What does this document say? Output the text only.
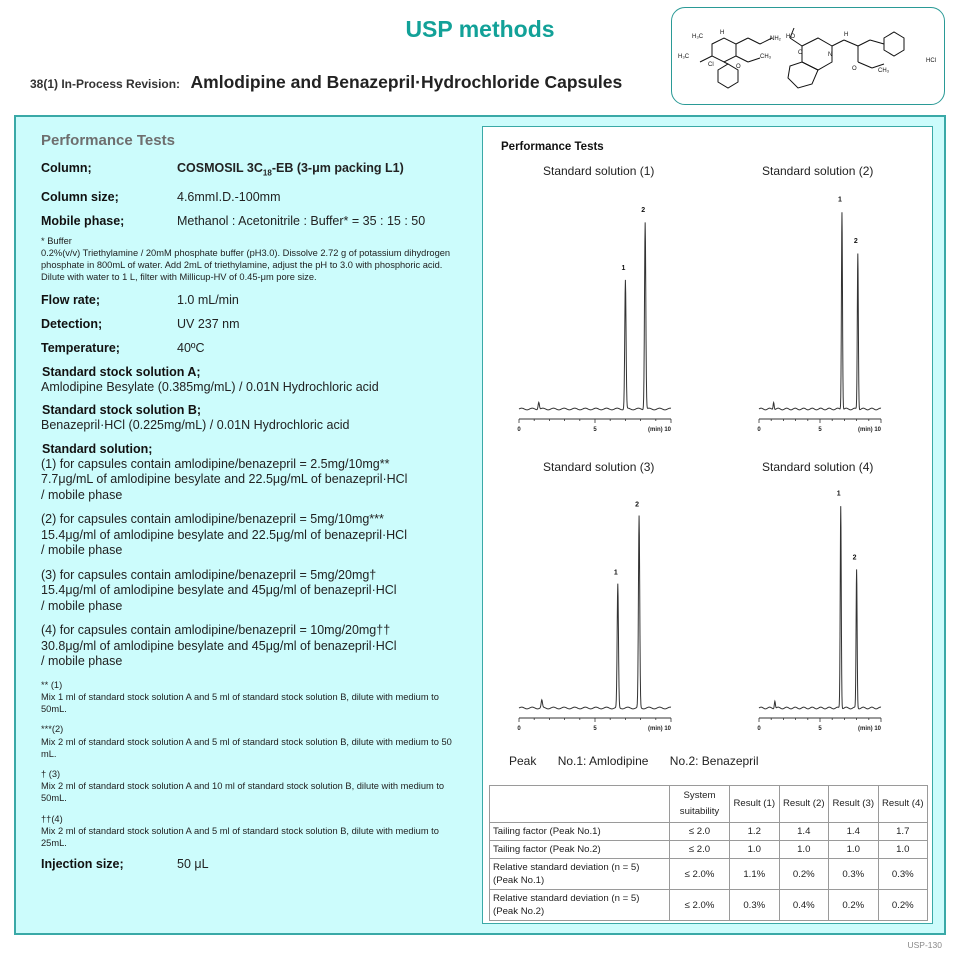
USP methods
38(1) In-Process Revision: Amlodipine and Benazepril·Hydrochloride Capsules
H₃C
H
NH₂
H₃C
O
CH₃
Cl
HO
O	N
H
O	CH₃
HCl
Performance Tests
Column;	COSMOSIL $3C_{18}-EB$ (3-μm packing L1)
Column size;	4.6mmI.D.-100mm
Mobile phase;	Methanol : Acetonitrile : Buffer* = 35 : 15 : 50
* Buffer
0.2%(v/v) Triethylamine / 20mM phosphate buffer (pH3.0). Dissolve 2.72 g of potassium dihydrogen phosphate in 800mL of water. Add 2mL of triethylamine, adjust the pH to 3.0 with phosphoric acid. Dilute with water to 1 L, filter with Millicup-HV of 0.45-μm pore size.
Flow rate;	1.0 mL/min
Detection;	UV 237 nm
Temperature;	40ºC
Standard stock solution A;
Amlodipine Besylate (0.385mg/mL) / 0.01N Hydrochloric acid
Standard stock solution B;
Benazepril·HCl (0.225mg/mL) / 0.01N Hydrochloric acid
Standard solution;
(1) for capsules contain amlodipine/benazepril = 2.5mg/10mg**
7.7μg/mL of amlodipine besylate and 22.5μg/mL of benazepril·HCl
/ mobile phase
(2) for capsules contain amlodipine/benazepril = 5mg/10mg***
15.4μg/ml of amlodipine besylate and 22.5μg/ml of benazepril·HCl
/ mobile phase
(3) for capsules contain amlodipine/benazepril = 5mg/20mg†
15.4μg/ml of amlodipine besylate and 45μg/ml of benazepril·HCl
/ mobile phase
(4) for capsules contain amlodipine/benazepril = 10mg/20mg††
30.8μg/ml of amlodipine besylate and 45μg/ml of benazepril·HCl
/ mobile phase
** (1)
Mix 1 ml of standard stock solution A and 5 ml of standard stock solution B, dilute with medium to 50mL.
***(2)
Mix 2 ml of standard stock solution A and 5 ml of standard stock solution B, dilute with medium to 50 mL.
† (3)
Mix 2 ml of standard stock solution A and 10 ml of standard stock solution B, dilute with medium to 50mL.
††(4)
Mix 2 ml of standard stock solution A and 5 ml of standard stock solution B, dilute with medium to 25mL.
Injection size;	50 μL
Performance Tests
Standard solution (1)	Standard solution (2)
Standard solution (3)	Standard solution (4)
0	5	(min) 10
1
2
0	5	(min) 10
1
2
0	5	(min) 10
1
2
0	5	(min) 10
1
2
Peak No.1: Amlodipine No.2: Benazepril
	System suitability	Result (1)	Result (2)	Result (3)	Result (4)
Tailing factor (Peak No.1)	≤ 2.0	1.2	1.4	1.4	1.7
Tailing factor (Peak No.2)	≤ 2.0	1.0	1.0	1.0	1.0
Relative standard deviation (n = 5)
(Peak No.1)	≤ 2.0%	1.1%	0.2%	0.3%	0.3%
Relative standard deviation (n = 5)
(Peak No.2)	≤ 2.0%	0.3%	0.4%	0.2%	0.2%
USP-130
